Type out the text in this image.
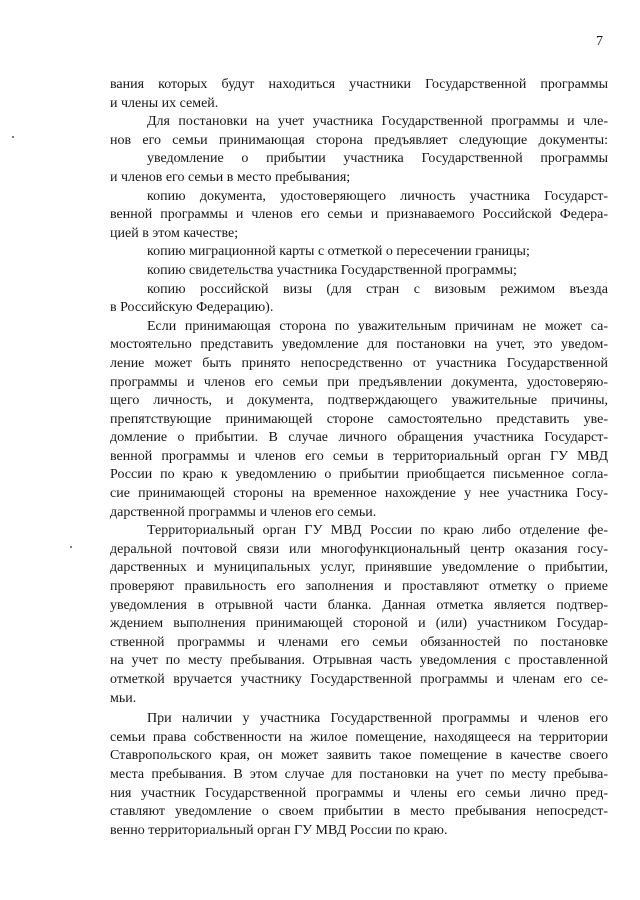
7
вания которых будут находиться участники Государственной программы
и члены их семей.
Для постановки на учет участника Государственной программы и чле-
нов его семьи принимающая сторона предъявляет следующие документы:
уведомление о прибытии участника Государственной программы
и членов его семьи в место пребывания;
копию документа, удостоверяющего личность участника Государст-
венной программы и членов его семьи и признаваемого Российской Федера-
цией в этом качестве;
копию миграционной карты с отметкой о пересечении границы;
копию свидетельства участника Государственной программы;
копию российской визы (для стран с визовым режимом въезда
в Российскую Федерацию).
Если принимающая сторона по уважительным причинам не может са-
мостоятельно представить уведомление для постановки на учет, это уведом-
ление может быть принято непосредственно от участника Государственной
программы и членов его семьи при предъявлении документа, удостоверяю-
щего личность, и документа, подтверждающего уважительные причины,
препятствующие принимающей стороне самостоятельно представить уве-
домление о прибытии. В случае личного обращения участника Государст-
венной программы и членов его семьи в территориальный орган ГУ МВД
России по краю к уведомлению о прибытии приобщается письменное согла-
сие принимающей стороны на временное нахождение у нее участника Госу-
дарственной программы и членов его семьи.
Территориальный орган ГУ МВД России по краю либо отделение фе-
деральной почтовой связи или многофункциональный центр оказания госу-
дарственных и муниципальных услуг, принявшие уведомление о прибытии,
проверяют правильность его заполнения и проставляют отметку о приеме
уведомления в отрывной части бланка. Данная отметка является подтвер-
ждением выполнения принимающей стороной и (или) участником Государ-
ственной программы и членами его семьи обязанностей по постановке
на учет по месту пребывания. Отрывная часть уведомления с проставленной
отметкой вручается участнику Государственной программы и членам его се-
мьи.
При наличии у участника Государственной программы и членов его
семьи права собственности на жилое помещение, находящееся на территории
Ставропольского края, он может заявить такое помещение в качестве своего
места пребывания. В этом случае для постановки на учет по месту пребыва-
ния участник Государственной программы и члены его семьи лично пред-
ставляют уведомление о своем прибытии в место пребывания непосредст-
венно территориальный орган ГУ МВД России по краю.
